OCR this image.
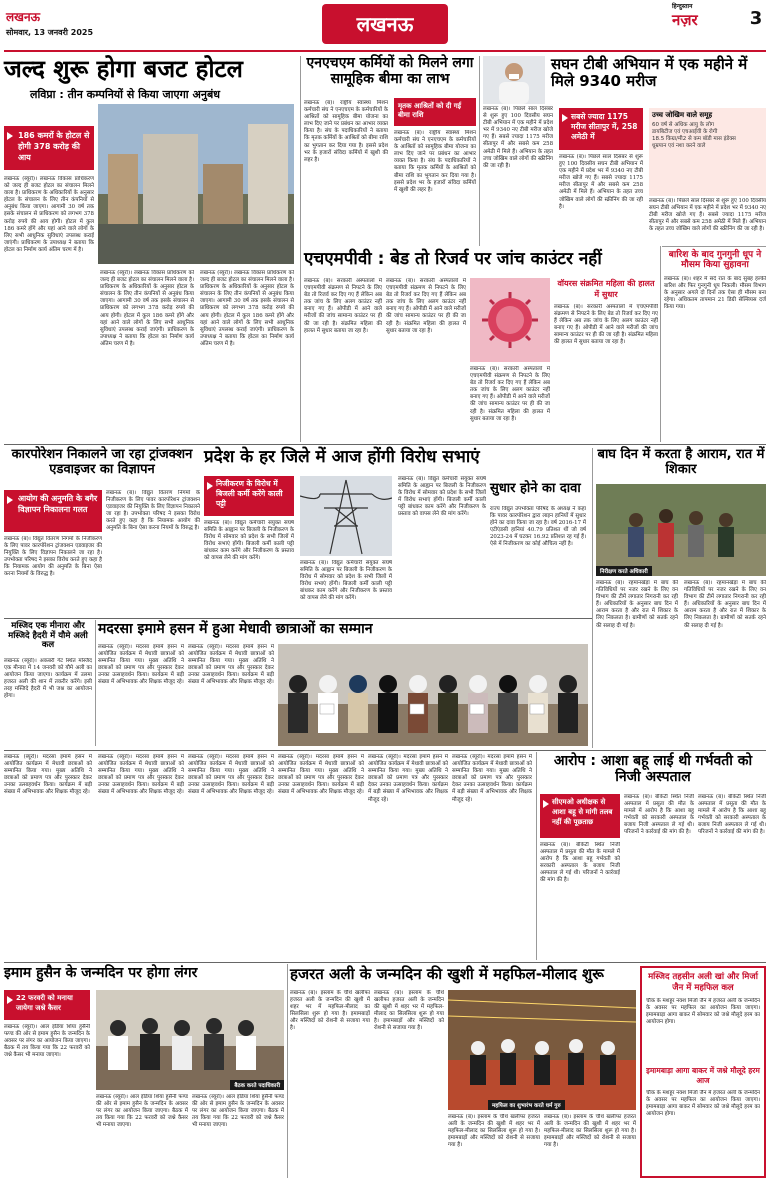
लखनऊ
सोमवार, 13 जनवरी 2025	लखनऊ
हिन्दुस्तान
नज़र	3
जल्द शुरू होगा बजट होटल
लविप्रा : तीन कम्पनियों से किया जाएगा अनुबंध
186 कमरों के होटल से होगी 378 करोड़ की आय
लखनऊ (ब्यूरो)। लखनऊ विकास प्राधिकरण को जल्द ही बजट होटल का संचालन मिलने वाला है। प्राधिकरण के अधिकारियों के अनुसार होटल के संचालन के लिए तीन कंपनियों से अनुबंध किया जाएगा। आगामी 30 वर्ष तक इसके संचालन से प्राधिकरण को लगभग 378 करोड़ रुपये की आय होगी। होटल में कुल 186 कमरे होंगे और यहां आने वाले लोगों के लिए सभी आधुनिक सुविधाएं उपलब्ध कराई जाएंगी। प्राधिकरण के उपाध्यक्ष ने बताया कि होटल का निर्माण कार्य अंतिम चरण में है।
लखनऊ (ब्यूरो)। लखनऊ विकास प्राधिकरण को जल्द ही बजट होटल का संचालन मिलने वाला है। प्राधिकरण के अधिकारियों के अनुसार होटल के संचालन के लिए तीन कंपनियों से अनुबंध किया जाएगा। आगामी 30 वर्ष तक इसके संचालन से प्राधिकरण को लगभग 378 करोड़ रुपये की आय होगी। होटल में कुल 186 कमरे होंगे और यहां आने वाले लोगों के लिए सभी आधुनिक सुविधाएं उपलब्ध कराई जाएंगी। प्राधिकरण के उपाध्यक्ष ने बताया कि होटल का निर्माण कार्य अंतिम चरण में है।
लखनऊ (ब्यूरो)। लखनऊ विकास प्राधिकरण को जल्द ही बजट होटल का संचालन मिलने वाला है। प्राधिकरण के अधिकारियों के अनुसार होटल के संचालन के लिए तीन कंपनियों से अनुबंध किया जाएगा। आगामी 30 वर्ष तक इसके संचालन से प्राधिकरण को लगभग 378 करोड़ रुपये की आय होगी। होटल में कुल 186 कमरे होंगे और यहां आने वाले लोगों के लिए सभी आधुनिक सुविधाएं उपलब्ध कराई जाएंगी। प्राधिकरण के उपाध्यक्ष ने बताया कि होटल का निर्माण कार्य अंतिम चरण में है।
एनएचएम कर्मियों को मिलने लगा सामूहिक बीमा का लाभ
लखनऊ (ब)। राष्ट्रीय स्वास्थ्य मिशन कर्मचारी संघ ने एनएचएम के कर्मचारियों के आश्रितों को सामूहिक बीमा योजना का लाभ दिए जाने पर प्रबंधन का आभार व्यक्त किया है। संघ के पदाधिकारियों ने बताया कि मृतक कर्मियों के आश्रितों को बीमा राशि का भुगतान कर दिया गया है। इससे प्रदेश भर के हजारों संविदा कर्मियों में खुशी की लहर है।
मृतक आश्रितों को दी गई बीमा राशि
लखनऊ (ब)। राष्ट्रीय स्वास्थ्य मिशन कर्मचारी संघ ने एनएचएम के कर्मचारियों के आश्रितों को सामूहिक बीमा योजना का लाभ दिए जाने पर प्रबंधन का आभार व्यक्त किया है। संघ के पदाधिकारियों ने बताया कि मृतक कर्मियों के आश्रितों को बीमा राशि का भुगतान कर दिया गया है। इससे प्रदेश भर के हजारों संविदा कर्मियों में खुशी की लहर है।
सघन टीबी अभियान में एक महीने में मिले 9340 मरीज
लखनऊ (ब)। पिछले साल दिसंबर से शुरू हुए 100 दिवसीय सघन टीबी अभियान में एक महीने में प्रदेश भर में 9340 नए टीबी मरीज खोजे गए हैं। सबसे ज्यादा 1175 मरीज सीतापुर में और सबसे कम 258 अमेठी में मिले हैं। अभियान के तहत उच्च जोखिम वाले लोगों की स्क्रीनिंग की जा रही है।
सबसे ज्यादा 1175 मरीज सीतापुर में, 258 अमेठी में
लखनऊ (ब)। पिछले साल दिसंबर से शुरू हुए 100 दिवसीय सघन टीबी अभियान में एक महीने में प्रदेश भर में 9340 नए टीबी मरीज खोजे गए हैं। सबसे ज्यादा 1175 मरीज सीतापुर में और सबसे कम 258 अमेठी में मिले हैं। अभियान के तहत उच्च जोखिम वाले लोगों की स्क्रीनिंग की जा रही है।
उच्च जोखिम वाले समूह
60 वर्ष से अधिक आयु के लोग
डायबिटीज एवं एचआईवी के रोगी
18.5 किग्रा/मी2 से कम बॉडी मास इंडेक्स
धूम्रपान एवं नशा करने वाले
लखनऊ (ब)। पिछले साल दिसंबर से शुरू हुए 100 दिवसीय सघन टीबी अभियान में एक महीने में प्रदेश भर में 9340 नए टीबी मरीज खोजे गए हैं। सबसे ज्यादा 1175 मरीज सीतापुर में और सबसे कम 258 अमेठी में मिले हैं। अभियान के तहत उच्च जोखिम वाले लोगों की स्क्रीनिंग की जा रही है।
बारिश के बाद गुनगुनी धूप ने मौसम किया सुहावना
लखनऊ (ब)। शहर में सर्द रात के बाद सुबह हल्की बारिश और फिर गुनगुनी धूप निकली। मौसम विभाग के अनुसार अगले दो दिनों तक ऐसा ही मौसम बना रहेगा। अधिकतम तापमान 21 डिग्री सेल्सियस दर्ज किया गया।
एचएमपीवी : बेड तो रिजर्व पर जांच काउंटर नहीं
लखनऊ (ब)। सरकारी अस्पतालों में एचएमपीवी संक्रमण से निपटने के लिए बेड तो रिजर्व कर दिए गए हैं लेकिन अब तक जांच के लिए अलग काउंटर नहीं बनाए गए हैं। ओपीडी में आने वाले मरीजों की जांच सामान्य काउंटर पर ही की जा रही है। संक्रमित महिला की हालत में सुधार बताया जा रहा है।
लखनऊ (ब)। सरकारी अस्पतालों में एचएमपीवी संक्रमण से निपटने के लिए बेड तो रिजर्व कर दिए गए हैं लेकिन अब तक जांच के लिए अलग काउंटर नहीं बनाए गए हैं। ओपीडी में आने वाले मरीजों की जांच सामान्य काउंटर पर ही की जा रही है। संक्रमित महिला की हालत में सुधार बताया जा रहा है।
लखनऊ (ब)। सरकारी अस्पतालों में एचएमपीवी संक्रमण से निपटने के लिए बेड तो रिजर्व कर दिए गए हैं लेकिन अब तक जांच के लिए अलग काउंटर नहीं बनाए गए हैं। ओपीडी में आने वाले मरीजों की जांच सामान्य काउंटर पर ही की जा रही है। संक्रमित महिला की हालत में सुधार बताया जा रहा है।
वॉयरस संक्रमित महिला की हालत में सुधार
लखनऊ (ब)। सरकारी अस्पतालों में एचएमपीवी संक्रमण से निपटने के लिए बेड तो रिजर्व कर दिए गए हैं लेकिन अब तक जांच के लिए अलग काउंटर नहीं बनाए गए हैं। ओपीडी में आने वाले मरीजों की जांच सामान्य काउंटर पर ही की जा रही है। संक्रमित महिला की हालत में सुधार बताया जा रहा है।
कारपोरेशन निकालने जा रहा ट्रांजक्शन एडवाइजर का विज्ञापन
आयोग की अनुमति के बगैर विज्ञापन निकालना गलत
लखनऊ (ब)। विद्युत वितरण निगमों के निजीकरण के लिए पावर कारपोरेशन ट्रांजक्शन एडवाइजर की नियुक्ति के लिए विज्ञापन निकालने जा रहा है। उपभोक्ता परिषद ने इसका विरोध करते हुए कहा है कि नियामक आयोग की अनुमति के बिना ऐसा करना नियमों के विरुद्ध है।
लखनऊ (ब)। विद्युत वितरण निगमों के निजीकरण के लिए पावर कारपोरेशन ट्रांजक्शन एडवाइजर की नियुक्ति के लिए विज्ञापन निकालने जा रहा है। उपभोक्ता परिषद ने इसका विरोध करते हुए कहा है कि नियामक आयोग की अनुमति के बिना ऐसा करना नियमों के विरुद्ध है।
प्रदेश के हर जिले में आज होंगी विरोध सभाएं
निजीकरण के विरोध में बिजली कर्मी करेंगे काली पट्टी
लखनऊ (ब)। विद्युत कर्मचारी संयुक्त संघर्ष समिति के आह्वान पर बिजली के निजीकरण के विरोध में सोमवार को प्रदेश के सभी जिलों में विरोध सभाएं होंगी। बिजली कर्मी काली पट्टी बांधकर काम करेंगे और निजीकरण के प्रस्ताव को वापस लेने की मांग करेंगे।
लखनऊ (ब)। विद्युत कर्मचारी संयुक्त संघर्ष समिति के आह्वान पर बिजली के निजीकरण के विरोध में सोमवार को प्रदेश के सभी जिलों में विरोध सभाएं होंगी। बिजली कर्मी काली पट्टी बांधकर काम करेंगे और निजीकरण के प्रस्ताव को वापस लेने की मांग करेंगे।
लखनऊ (ब)। विद्युत कर्मचारी संयुक्त संघर्ष समिति के आह्वान पर बिजली के निजीकरण के विरोध में सोमवार को प्रदेश के सभी जिलों में विरोध सभाएं होंगी। बिजली कर्मी काली पट्टी बांधकर काम करेंगे और निजीकरण के प्रस्ताव को वापस लेने की मांग करेंगे।
सुधार होने का दावा
राज्य विद्युत उपभोक्ता परिषद के अध्यक्ष ने कहा कि पावर कारपोरेशन द्वारा लाइन हानियों में सुधार होने का दावा किया जा रहा है। वर्ष 2016-17 में एटीएंडसी हानियां 40.79 प्रतिशत थीं जो वर्ष 2023-24 में घटकर 16.92 प्रतिशत रह गई हैं। ऐसे में निजीकरण का कोई औचित्य नहीं है।
बाघ दिन में करता है आराम, रात में शिकार
निरीक्षण करते अधिकारी
लखनऊ (ब)। रहमानखेड़ा में बाघ की गतिविधियों पर नजर रखने के लिए वन विभाग की टीमें लगातार निगरानी कर रही हैं। अधिकारियों के अनुसार बाघ दिन में आराम करता है और रात में शिकार के लिए निकलता है। ग्रामीणों को सतर्क रहने की सलाह दी गई है।
लखनऊ (ब)। रहमानखेड़ा में बाघ की गतिविधियों पर नजर रखने के लिए वन विभाग की टीमें लगातार निगरानी कर रही हैं। अधिकारियों के अनुसार बाघ दिन में आराम करता है और रात में शिकार के लिए निकलता है। ग्रामीणों को सतर्क रहने की सलाह दी गई है।
मस्जिद एक मीनारा और मस्जिदे हैदरी में यौमे अली कल
लखनऊ (ब्यूरो)। अकबरी गेट स्थित मस्जिद एक मीनारा में 14 जनवरी को यौमे अली का आयोजन किया जाएगा। कार्यक्रम में उलमा हजरत अली की शान में तकरीर करेंगे। इसी तरह मस्जिदे हैदरी में भी जश्न का आयोजन होगा।
मदरसा इमामे हसन में हुआ मेधावी छात्राओं का सम्मान
लखनऊ (ब्यूरो)। मदरसा इमामे हसन में आयोजित कार्यक्रम में मेधावी छात्राओं को सम्मानित किया गया। मुख्य अतिथि ने छात्राओं को प्रमाण पत्र और पुरस्कार देकर उनका उत्साहवर्धन किया। कार्यक्रम में बड़ी संख्या में अभिभावक और शिक्षक मौजूद रहे।
लखनऊ (ब्यूरो)। मदरसा इमामे हसन में आयोजित कार्यक्रम में मेधावी छात्राओं को सम्मानित किया गया। मुख्य अतिथि ने छात्राओं को प्रमाण पत्र और पुरस्कार देकर उनका उत्साहवर्धन किया। कार्यक्रम में बड़ी संख्या में अभिभावक और शिक्षक मौजूद रहे।
आरोप : आशा बहू लाई थी गर्भवती को निजी अस्पताल
सीएमओ अधीक्षक से आशा बहू से मांगी तलब नहीं की पूछताछ
लखनऊ (ब)। बीकेटी स्थित निजी अस्पताल में प्रसूता की मौत के मामले में आरोप है कि आशा बहू गर्भवती को सरकारी अस्पताल के बजाय निजी अस्पताल ले गई थी। परिजनों ने कार्रवाई की मांग की है।
लखनऊ (ब)। बीकेटी स्थित निजी अस्पताल में प्रसूता की मौत के मामले में आरोप है कि आशा बहू गर्भवती को सरकारी अस्पताल के बजाय निजी अस्पताल ले गई थी। परिजनों ने कार्रवाई की मांग की है।
लखनऊ (ब)। बीकेटी स्थित निजी अस्पताल में प्रसूता की मौत के मामले में आरोप है कि आशा बहू गर्भवती को सरकारी अस्पताल के बजाय निजी अस्पताल ले गई थी। परिजनों ने कार्रवाई की मांग की है।
लखनऊ (ब्यूरो)। मदरसा इमामे हसन में आयोजित कार्यक्रम में मेधावी छात्राओं को सम्मानित किया गया। मुख्य अतिथि ने छात्राओं को प्रमाण पत्र और पुरस्कार देकर उनका उत्साहवर्धन किया। कार्यक्रम में बड़ी संख्या में अभिभावक और शिक्षक मौजूद रहे।
लखनऊ (ब्यूरो)। मदरसा इमामे हसन में आयोजित कार्यक्रम में मेधावी छात्राओं को सम्मानित किया गया। मुख्य अतिथि ने छात्राओं को प्रमाण पत्र और पुरस्कार देकर उनका उत्साहवर्धन किया। कार्यक्रम में बड़ी संख्या में अभिभावक और शिक्षक मौजूद रहे।
लखनऊ (ब्यूरो)। मदरसा इमामे हसन में आयोजित कार्यक्रम में मेधावी छात्राओं को सम्मानित किया गया। मुख्य अतिथि ने छात्राओं को प्रमाण पत्र और पुरस्कार देकर उनका उत्साहवर्धन किया। कार्यक्रम में बड़ी संख्या में अभिभावक और शिक्षक मौजूद रहे।
लखनऊ (ब्यूरो)। मदरसा इमामे हसन में आयोजित कार्यक्रम में मेधावी छात्राओं को सम्मानित किया गया। मुख्य अतिथि ने छात्राओं को प्रमाण पत्र और पुरस्कार देकर उनका उत्साहवर्धन किया। कार्यक्रम में बड़ी संख्या में अभिभावक और शिक्षक मौजूद रहे।
लखनऊ (ब्यूरो)। मदरसा इमामे हसन में आयोजित कार्यक्रम में मेधावी छात्राओं को सम्मानित किया गया। मुख्य अतिथि ने छात्राओं को प्रमाण पत्र और पुरस्कार देकर उनका उत्साहवर्धन किया। कार्यक्रम में बड़ी संख्या में अभिभावक और शिक्षक मौजूद रहे।
लखनऊ (ब्यूरो)। मदरसा इमामे हसन में आयोजित कार्यक्रम में मेधावी छात्राओं को सम्मानित किया गया। मुख्य अतिथि ने छात्राओं को प्रमाण पत्र और पुरस्कार देकर उनका उत्साहवर्धन किया। कार्यक्रम में बड़ी संख्या में अभिभावक और शिक्षक मौजूद रहे।
इमाम हुसैन के जन्मदिन पर होगा लंगर
22 फरवरी को मनाया जायेगा जश्ने कैसर
लखनऊ (ब्यूरो)। आल इंडिया शिया हुसैनी फण्ड की ओर से इमाम हुसैन के जन्मदिन के अवसर पर लंगर का आयोजन किया जाएगा। बैठक में तय किया गया कि 22 फरवरी को जश्ने कैसर भी मनाया जाएगा।
बैठक करते पदाधिकारी
लखनऊ (ब्यूरो)। आल इंडिया शिया हुसैनी फण्ड की ओर से इमाम हुसैन के जन्मदिन के अवसर पर लंगर का आयोजन किया जाएगा। बैठक में तय किया गया कि 22 फरवरी को जश्ने कैसर भी मनाया जाएगा।
लखनऊ (ब्यूरो)। आल इंडिया शिया हुसैनी फण्ड की ओर से इमाम हुसैन के जन्मदिन के अवसर पर लंगर का आयोजन किया जाएगा। बैठक में तय किया गया कि 22 फरवरी को जश्ने कैसर भी मनाया जाएगा।
हजरत अली के जन्मदिन की खुशी में महफिल-मीलाद शुरू
लखनऊ (ब)। इस्लाम के चौथे खलीफा हजरत अली के जन्मदिन की खुशी में शहर भर में महफिल-मीलाद का सिलसिला शुरू हो गया है। इमामबाड़ों और मस्जिदों को रोशनी से सजाया गया है।
लखनऊ (ब)। इस्लाम के चौथे खलीफा हजरत अली के जन्मदिन की खुशी में शहर भर में महफिल-मीलाद का सिलसिला शुरू हो गया है। इमामबाड़ों और मस्जिदों को रोशनी से सजाया गया है।
महफिल का शुभारंभ करते धर्म गुरु
लखनऊ (ब)। इस्लाम के चौथे खलीफा हजरत अली के जन्मदिन की खुशी में शहर भर में महफिल-मीलाद का सिलसिला शुरू हो गया है। इमामबाड़ों और मस्जिदों को रोशनी से सजाया गया है।
लखनऊ (ब)। इस्लाम के चौथे खलीफा हजरत अली के जन्मदिन की खुशी में शहर भर में महफिल-मीलाद का सिलसिला शुरू हो गया है। इमामबाड़ों और मस्जिदों को रोशनी से सजाया गया है।
मस्जिद तहसीन अली खां और मिर्जा जैन में महफिल कल
चौक के मशहूर नक्श मिर्जा जैन में हजरत अली के जन्मदिन के अवसर पर महफिल का आयोजन किया जाएगा। इमामबाड़ा आगा बाकर में सोमवार को जश्ने मौलूदे हरम का आयोजन होगा।
इमामबाड़ा आगा बाकर में जश्ने मौलूदे हरम आज
चौक के मशहूर नक्श मिर्जा जैन में हजरत अली के जन्मदिन के अवसर पर महफिल का आयोजन किया जाएगा। इमामबाड़ा आगा बाकर में सोमवार को जश्ने मौलूदे हरम का आयोजन होगा।
